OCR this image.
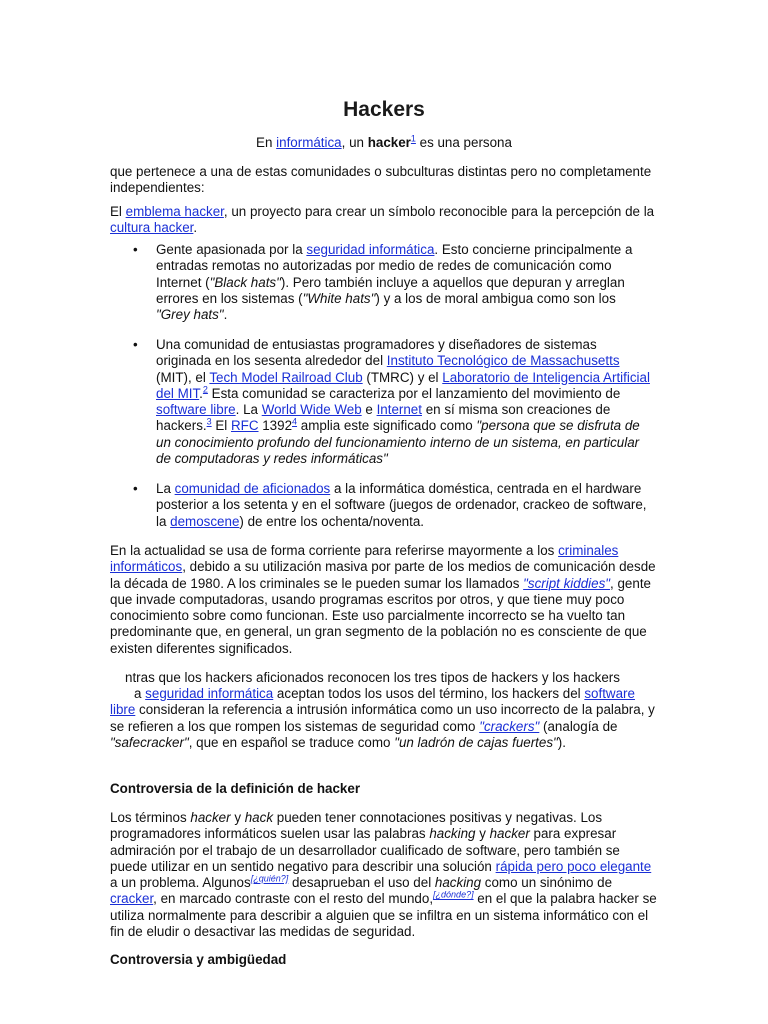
Hackers
En informática, un hacker$^1$ es una persona

que pertenece a una de estas comunidades o subculturas distintas pero no completamente independientes:

El emblema hacker, un proyecto para crear un símbolo reconocible para la percepción de la cultura hacker.

• Gente apasionada por la seguridad informática. Esto concierne principalmente a entradas remotas no autorizadas por medio de redes de comunicación como Internet ("Black hats"). Pero también incluye a aquellos que depuran y arreglan errores en los sistemas ("White hats") y a los de moral ambigua como son los "Grey hats".

• Una comunidad de entusiastas programadores y diseñadores de sistemas originada en los sesenta alrededor del Instituto Tecnológico de Massachusetts (MIT), el Tech Model Railroad Club (TMRC) y el Laboratorio de Inteligencia Artificial del MIT.$^2$ Esta comunidad se caracteriza por el lanzamiento del movimiento de software libre. La World Wide Web e Internet en sí misma son creaciones de hackers.$^3$ El RFC 1392$^4$ amplia este significado como "persona que se disfruta de un conocimiento profundo del funcionamiento interno de un sistema, en particular de computadoras y redes informáticas"

• La comunidad de aficionados a la informática doméstica, centrada en el hardware posterior a los setenta y en el software (juegos de ordenador, crackeo de software, la demoscene) de entre los ochenta/noventa.

En la actualidad se usa de forma corriente para referirse mayormente a los criminales informáticos, debido a su utilización masiva por parte de los medios de comunicación desde la década de 1980. A los criminales se le pueden sumar los llamados "script kiddies", gente que invade computadoras, usando programas escritos por otros, y que tiene muy poco conocimiento sobre como funcionan. Este uso parcialmente incorrecto se ha vuelto tan predominante que, en general, un gran segmento de la población no es consciente de que existen diferentes significados.

ntras que los hackers aficionados reconocen los tres tipos de hackers y los hackers

a seguridad informática aceptan todos los usos del término, los hackers del software libre consideran la referencia a intrusión informática como un uso incorrecto de la palabra, y se refieren a los que rompen los sistemas de seguridad como "crackers" (analogía de "safecracker", que en español se traduce como "un ladrón de cajas fuertes").

Controversia de la definición de hacker

Los términos hacker y hack pueden tener connotaciones positivas y negativas. Los programadores informáticos suelen usar las palabras hacking y hacker para expresar admiración por el trabajo de un desarrollador cualificado de software, pero también se puede utilizar en un sentido negativo para describir una solución rápida pero poco elegante a un problema. Algunos[¿quién?] desaprueban el uso del hacking como un sinónimo de cracker, en marcado contraste con el resto del mundo,[¿dónde?] en el que la palabra hacker se utiliza normalmente para describir a alguien que se infiltra en un sistema informático con el fin de eludir o desactivar las medidas de seguridad.

Controversia y ambigüedad
